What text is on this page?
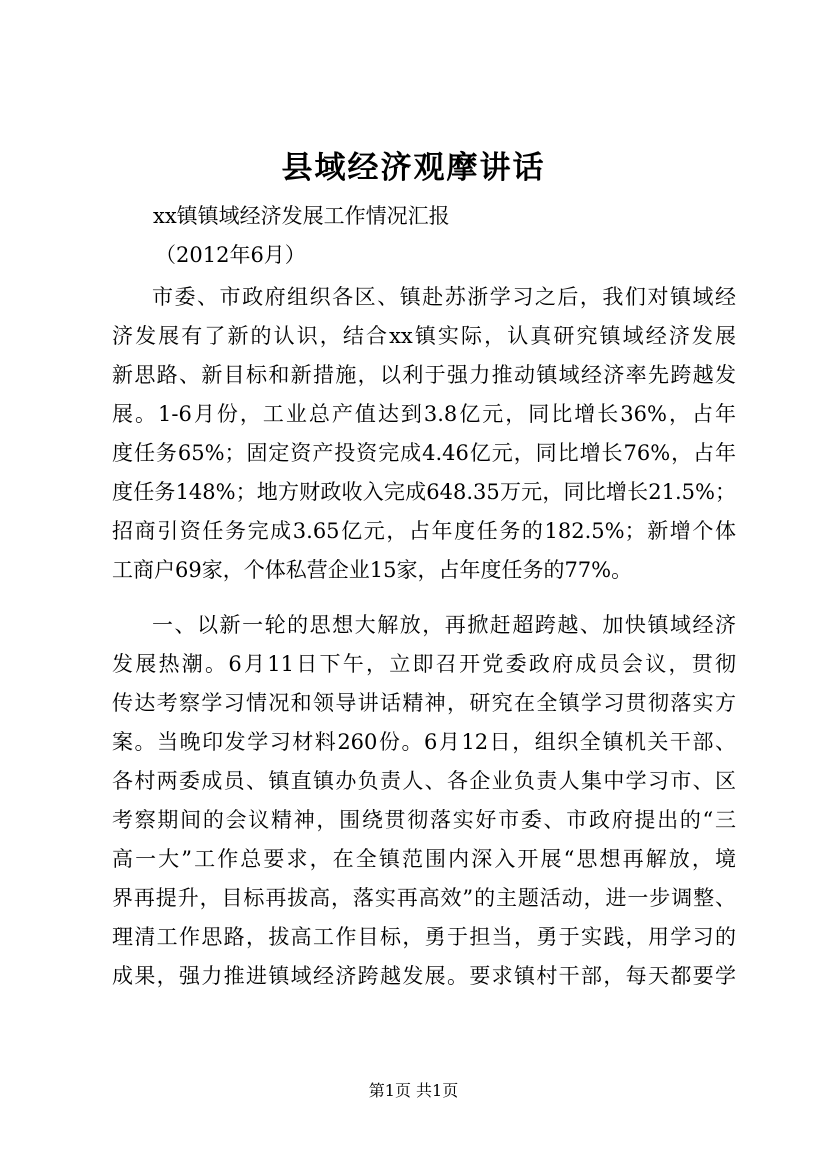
县域经济观摩讲话

xx镇镇域经济发展工作情况汇报

（2012年6月）

市委、市政府组织各区、镇赴苏浙学习之后，我们对镇域经
济发展有了新的认识，结合xx镇实际，认真研究镇域经济发展
新思路、新目标和新措施，以利于强力推动镇域经济率先跨越发
展。1-6月份，工业总产值达到3.8亿元，同比增长36%，占年
度任务65%；固定资产投资完成4.46亿元，同比增长76%，占年
度任务148%；地方财政收入完成648.35万元，同比增长21.5%；
招商引资任务完成3.65亿元，占年度任务的182.5%；新增个体
工商户69家，个体私营企业15家，占年度任务的77%。
一、以新一轮的思想大解放，再掀赶超跨越、加快镇域经济
发展热潮。6月11日下午，立即召开党委政府成员会议，贯彻
传达考察学习情况和领导讲话精神，研究在全镇学习贯彻落实方
案。当晚印发学习材料260份。6月12日，组织全镇机关干部、
各村两委成员、镇直镇办负责人、各企业负责人集中学习市、区
考察期间的会议精神，围绕贯彻落实好市委、市政府提出的“三
高一大”工作总要求，在全镇范围内深入开展“思想再解放，境
界再提升，目标再拔高，落实再高效”的主题活动，进一步调整、
理清工作思路，拔高工作目标，勇于担当，勇于实践，用学习的
成果，强力推进镇域经济跨越发展。要求镇村干部，每天都要学
第1页 共1页
